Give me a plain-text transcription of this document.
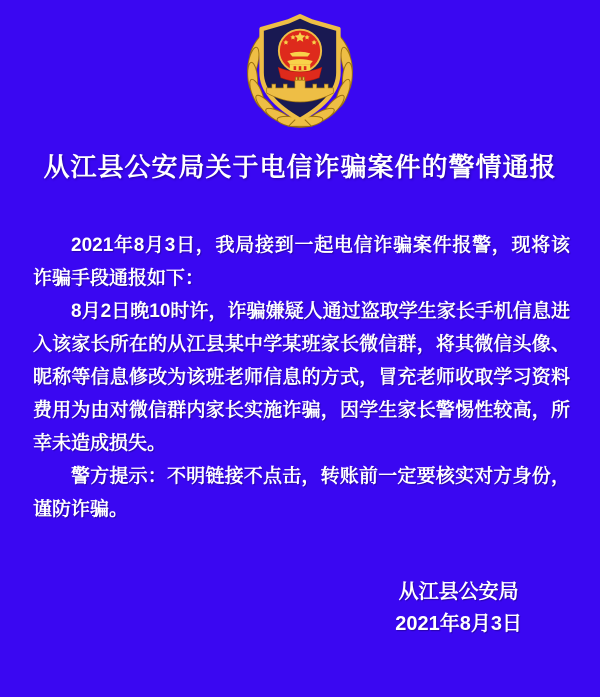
从江县公安局关于电信诈骗案件的警情通报

2021年8月3日，我局接到一起电信诈骗案件报警，现将该诈骗手段通报如下：

8月2日晚10时许，诈骗嫌疑人通过盗取学生家长手机信息进入该家长所在的从江县某中学某班家长微信群，将其微信头像、昵称等信息修改为该班老师信息的方式，冒充老师收取学习资料费用为由对微信群内家长实施诈骗，因学生家长警惕性较高，所幸未造成损失。

警方提示：不明链接不点击，转账前一定要核实对方身份，谨防诈骗。

从江县公安局
2021年8月3日
